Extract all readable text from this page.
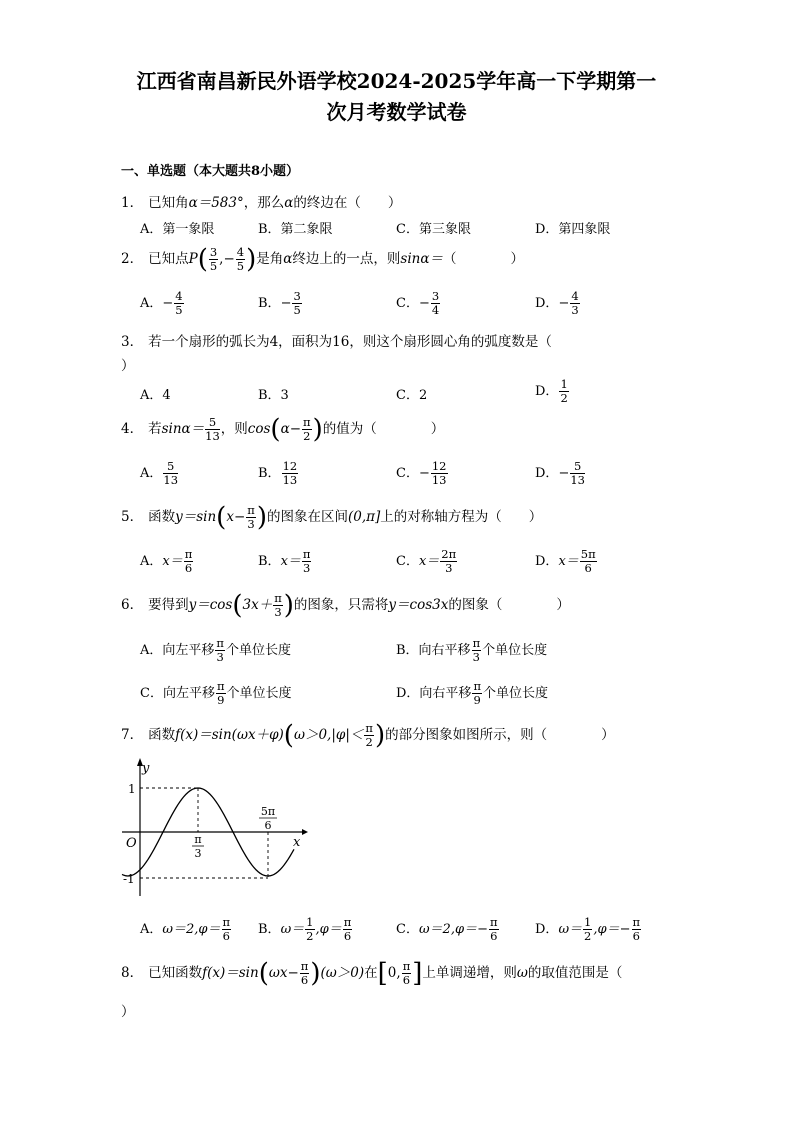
江西省南昌新民外语学校2024-2025学年高一下学期第一
次月考数学试卷
一、单选题（本大题共8小题）
1． 已知角α＝583°，那么α的终边在（　　）
A．第一象限	B．第二象限	C．第三象限	D．第四象限
2． 已知点$P( \frac{3}{5}$ ,− $\frac{4}{5}$ )是角α终边上的一点，则sinα＝（　　　　）
A．− $\frac{4}{5}$	B．− $\frac{3}{5}$	C．− $\frac{3}{4}$	D．− $\frac{4}{3}$
3． 若一个扇形的弧长为4，面积为16，则这个扇形圆心角的弧度数是（
）
A．4	B．3	C．2	D． $\frac{1}{2}$
4． 若$\sin\alpha= \frac{5}{13}$ ，则$\cos(\alpha- \frac{\pi}{2}$ )的值为（　　　　）
A． $\frac{5}{13}$	B． $\frac{12}{13}$	C．− $\frac{12}{13}$	D．− $\frac{5}{13}$
5． 函数$y=\sin(x- \frac{\pi}{3}$ )的图象在区间(0,π]上的对称轴方程为（　　）
A．$x= \frac{\pi}{6}$	B．$x= \frac{\pi}{3}$	C．$x= \frac{2\pi}{3}$	D．$x= \frac{5\pi}{6}$
6． 要得到$y=\cos(3x+ \frac{\pi}{3}$ )的图象，只需将y＝cos3x的图象（　　　　）
A．向左平移 $\frac{\pi}{3}$ 个单位长度	B．向右平移 $\frac{\pi}{3}$ 个单位长度
C．向左平移 $\frac{\pi}{9}$ 个单位长度	D．向右平移 $\frac{\pi}{9}$ 个单位长度
7． 函数$f(x)=\sin(\omega x+\varphi)(\omega>0,|\varphi|< \frac{\pi}{2}$ )的部分图象如图所示，则（　　　　）
y
x
O
1
-1
π
3
5π
6
A．$\omega=2,\varphi= \frac{\pi}{6}$ B．$\omega= \frac{1}{2} ,\varphi= \frac{\pi}{6}$	C．$\omega=2,\varphi=- \frac{\pi}{6}$	D．$\omega= \frac{1}{2} ,\varphi=- \frac{\pi}{6}$
8． 已知函数$f(x)=\sin(\omega x- \frac{\pi}{6} )(\omega>0)$在[0, $\frac{\pi}{6}$ ]上单调递增，则ω的取值范围是（
）
